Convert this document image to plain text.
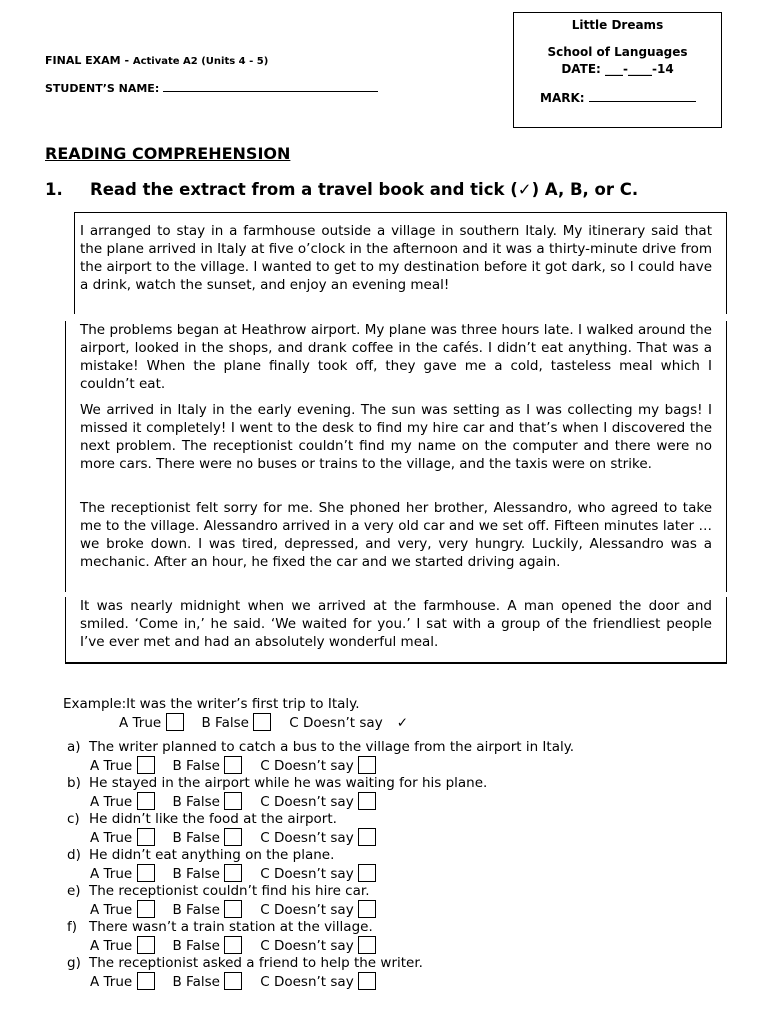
FINAL EXAM - Activate A2 (Units 4 - 5)
STUDENT’S NAME:
Little Dreams
School of Languages
DATE: ___-____-14
MARK:
READING COMPREHENSION
1. Read the extract from a travel book and tick (✓) A, B, or C.
I arranged to stay in a farmhouse outside a village in southern Italy. My itinerary said that the plane arrived in Italy at five o’clock in the afternoon and it was a thirty-minute drive from the airport to the village. I wanted to get to my destination before it got dark, so I could have a drink, watch the sunset, and enjoy an evening meal!
The problems began at Heathrow airport. My plane was three hours late. I walked around the airport, looked in the shops, and drank coffee in the cafés. I didn’t eat anything. That was a mistake! When the plane finally took off, they gave me a cold, tasteless meal which I couldn’t eat.
We arrived in Italy in the early evening. The sun was setting as I was collecting my bags! I missed it completely! I went to the desk to find my hire car and that’s when I discovered the next problem. The receptionist couldn’t find my name on the computer and there were no more cars. There were no buses or trains to the village, and the taxis were on strike.
The receptionist felt sorry for me. She phoned her brother, Alessandro, who agreed to take me to the village. Alessandro arrived in a very old car and we set off. Fifteen minutes later … we broke down. I was tired, depressed, and very, very hungry. Luckily, Alessandro was a mechanic. After an hour, he fixed the car and we started driving again.
It was nearly midnight when we arrived at the farmhouse. A man opened the door and smiled. ‘Come in,’ he said. ‘We waited for you.’ I sat with a group of the friendliest people I’ve ever met and had an absolutely wonderful meal.
Example:It was the writer’s first trip to Italy.
A True	B False	C Doesn’t say ✓
a) The writer planned to catch a bus to the village from the airport in Italy.
A True	B False	C Doesn’t say
b) He stayed in the airport while he was waiting for his plane.
A True	B False	C Doesn’t say
c) He didn’t like the food at the airport.
A True	B False	C Doesn’t say
d) He didn’t eat anything on the plane.
A True	B False	C Doesn’t say
e) The receptionist couldn’t find his hire car.
A True	B False	C Doesn’t say
f) There wasn’t a train station at the village.
A True	B False	C Doesn’t say
g) The receptionist asked a friend to help the writer.
A True	B False	C Doesn’t say
